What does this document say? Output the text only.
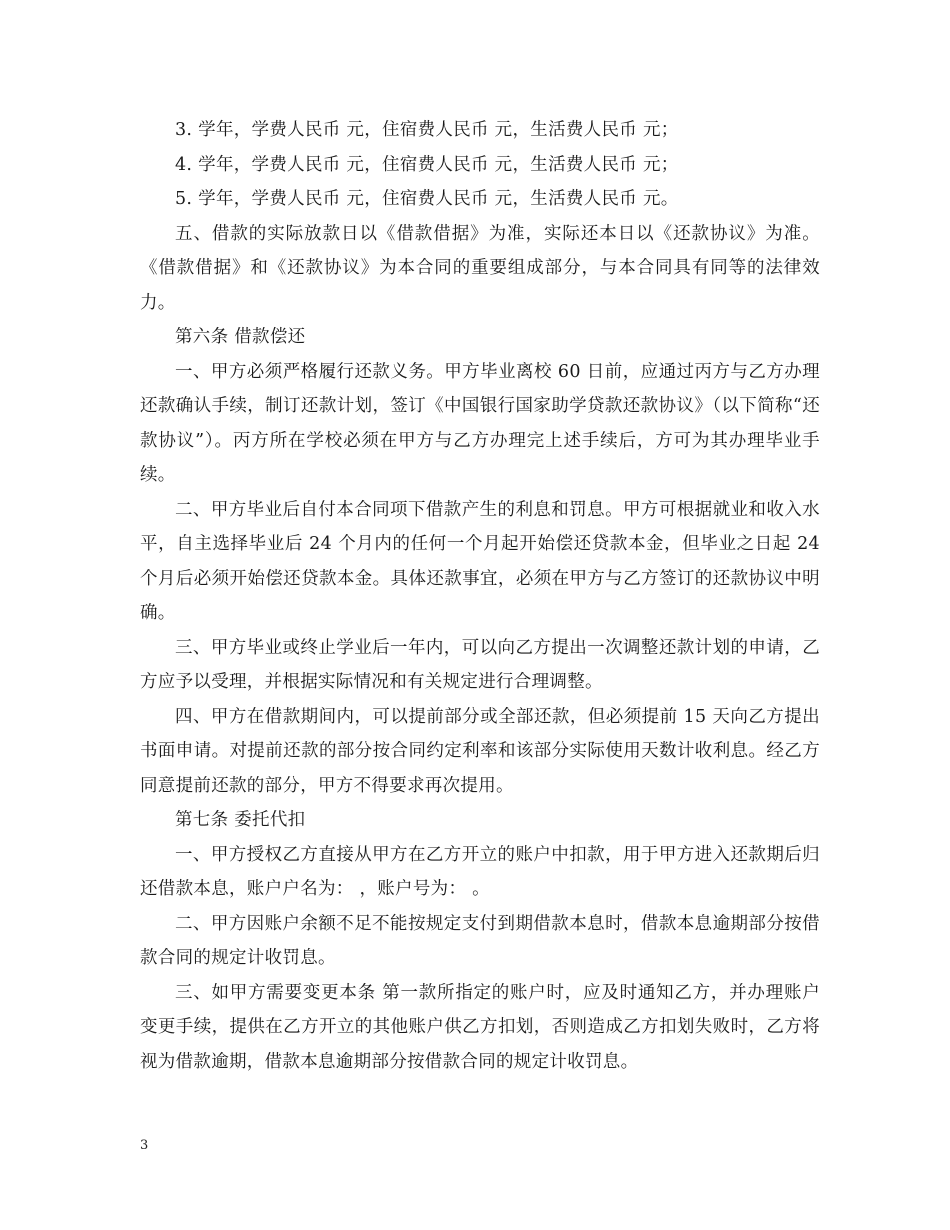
3. 学年，学费人民币 元，住宿费人民币 元，生活费人民币 元；

4. 学年，学费人民币 元，住宿费人民币 元，生活费人民币 元；

5. 学年，学费人民币 元，住宿费人民币 元，生活费人民币 元。

五、借款的实际放款日以《借款借据》为准，实际还本日以《还款协议》为准。《借款借据》和《还款协议》为本合同的重要组成部分，与本合同具有同等的法律效力。

第六条 借款偿还

一、甲方必须严格履行还款义务。甲方毕业离校 60 日前，应通过丙方与乙方办理还款确认手续，制订还款计划，签订《中国银行国家助学贷款还款协议》（以下简称“还款协议”）。丙方所在学校必须在甲方与乙方办理完上述手续后，方可为其办理毕业手续。

二、甲方毕业后自付本合同项下借款产生的利息和罚息。甲方可根据就业和收入水平，自主选择毕业后 24 个月内的任何一个月起开始偿还贷款本金，但毕业之日起 24 个月后必须开始偿还贷款本金。具体还款事宜，必须在甲方与乙方签订的还款协议中明确。

三、甲方毕业或终止学业后一年内，可以向乙方提出一次调整还款计划的申请，乙方应予以受理，并根据实际情况和有关规定进行合理调整。

四、甲方在借款期间内，可以提前部分或全部还款，但必须提前 15 天向乙方提出书面申请。对提前还款的部分按合同约定利率和该部分实际使用天数计收利息。经乙方同意提前还款的部分，甲方不得要求再次提用。

第七条 委托代扣

一、甲方授权乙方直接从甲方在乙方开立的账户中扣款，用于甲方进入还款期后归还借款本息，账户户名为： ，账户号为： 。

二、甲方因账户余额不足不能按规定支付到期借款本息时，借款本息逾期部分按借款合同的规定计收罚息。

三、如甲方需要变更本条 第一款所指定的账户时，应及时通知乙方，并办理账户变更手续，提供在乙方开立的其他账户供乙方扣划，否则造成乙方扣划失败时，乙方将视为借款逾期，借款本息逾期部分按借款合同的规定计收罚息。

3
